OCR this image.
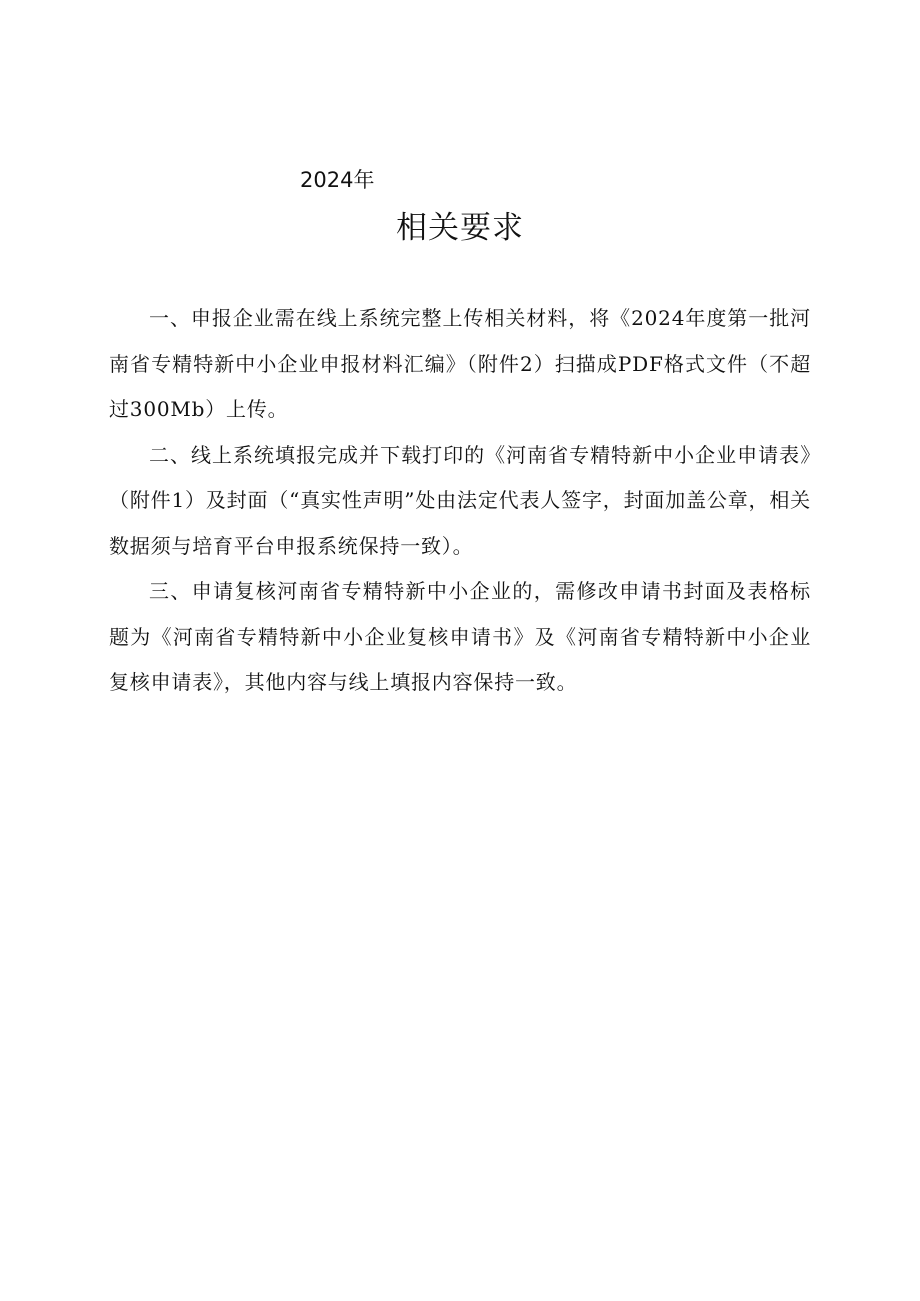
2024年
相关要求

一、申报企业需在线上系统完整上传相关材料，将《2024年度第一批河南省专精特新中小企业申报材料汇编》（附件2）扫描成PDF格式文件（不超过300Mb）上传。

二、线上系统填报完成并下载打印的《河南省专精特新中小企业申请表》（附件1）及封面（“真实性声明”处由法定代表人签字，封面加盖公章，相关数据须与培育平台申报系统保持一致）。

三、申请复核河南省专精特新中小企业的，需修改申请书封面及表格标题为《河南省专精特新中小企业复核申请书》及《河南省专精特新中小企业复核申请表》，其他内容与线上填报内容保持一致。
